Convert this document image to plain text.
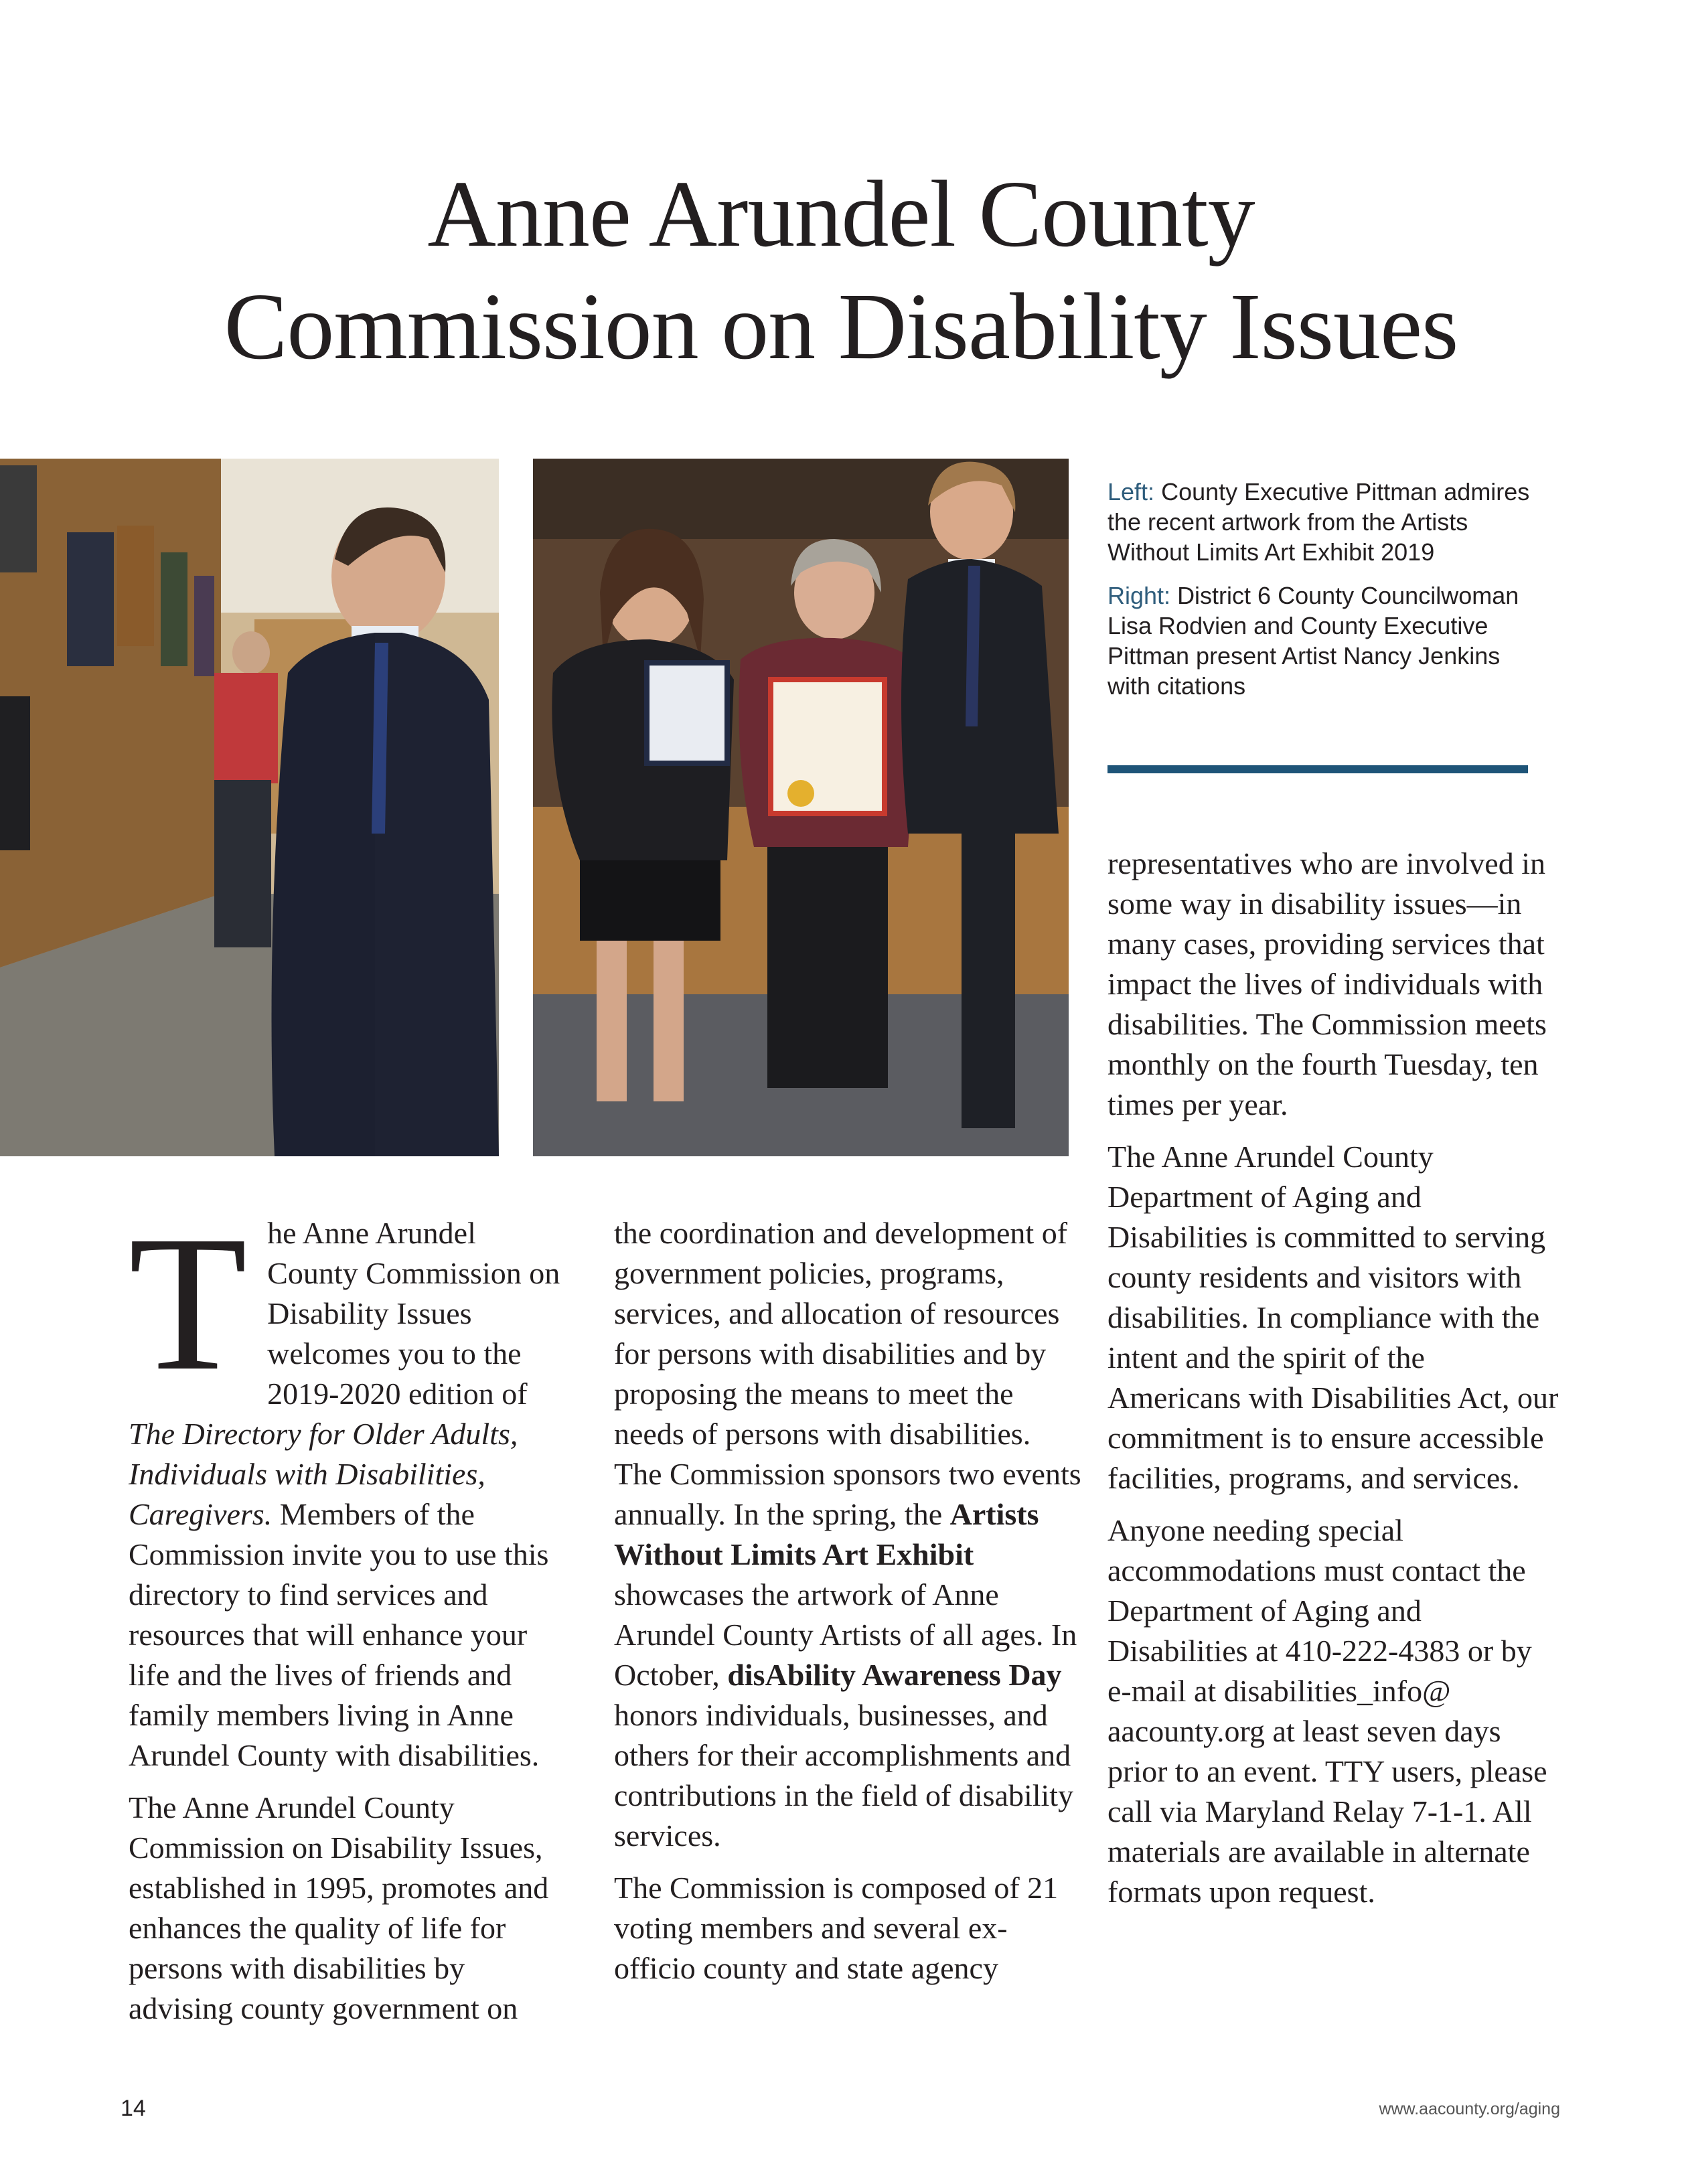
Anne Arundel County
Commission on Disability Issues

Left: County Executive Pittman admires the recent artwork from the Artists Without Limits Art Exhibit 2019

Right: District 6 County Councilwoman Lisa Rodvien and County Executive Pittman present Artist Nancy Jenkins with citations

The Anne Arundel County Commission on Disability Issues welcomes you to the 2019-2020 edition of The Directory for Older Adults, Individuals with Disabilities, Caregivers. Members of the Commission invite you to use this directory to find services and resources that will enhance your life and the lives of friends and family members living in Anne Arundel County with disabilities.

The Anne Arundel County Commission on Disability Issues, established in 1995, promotes and enhances the quality of life for persons with disabilities by advising county government on

the coordination and development of government policies, programs, services, and allocation of resources for persons with disabilities and by proposing the means to meet the needs of persons with disabilities. The Commission sponsors two events annually. In the spring, the Artists Without Limits Art Exhibit showcases the artwork of Anne Arundel County Artists of all ages. In October, disAbility Awareness Day honors individuals, businesses, and others for their accomplishments and contributions in the field of disability services.

The Commission is composed of 21 voting members and several ex-officio county and state agency

representatives who are involved in some way in disability issues—in many cases, providing services that impact the lives of individuals with disabilities. The Commission meets monthly on the fourth Tuesday, ten times per year.

The Anne Arundel County Department of Aging and Disabilities is committed to serving county residents and visitors with disabilities. In compliance with the intent and the spirit of the Americans with Disabilities Act, our commitment is to ensure accessible facilities, programs, and services.

Anyone needing special accommodations must contact the Department of Aging and Disabilities at 410-222-4383 or by e-mail at disabilities_info@ aacounty.org at least seven days prior to an event. TTY users, please call via Maryland Relay 7-1-1. All materials are available in alternate formats upon request.

14	www.aacounty.org/aging
